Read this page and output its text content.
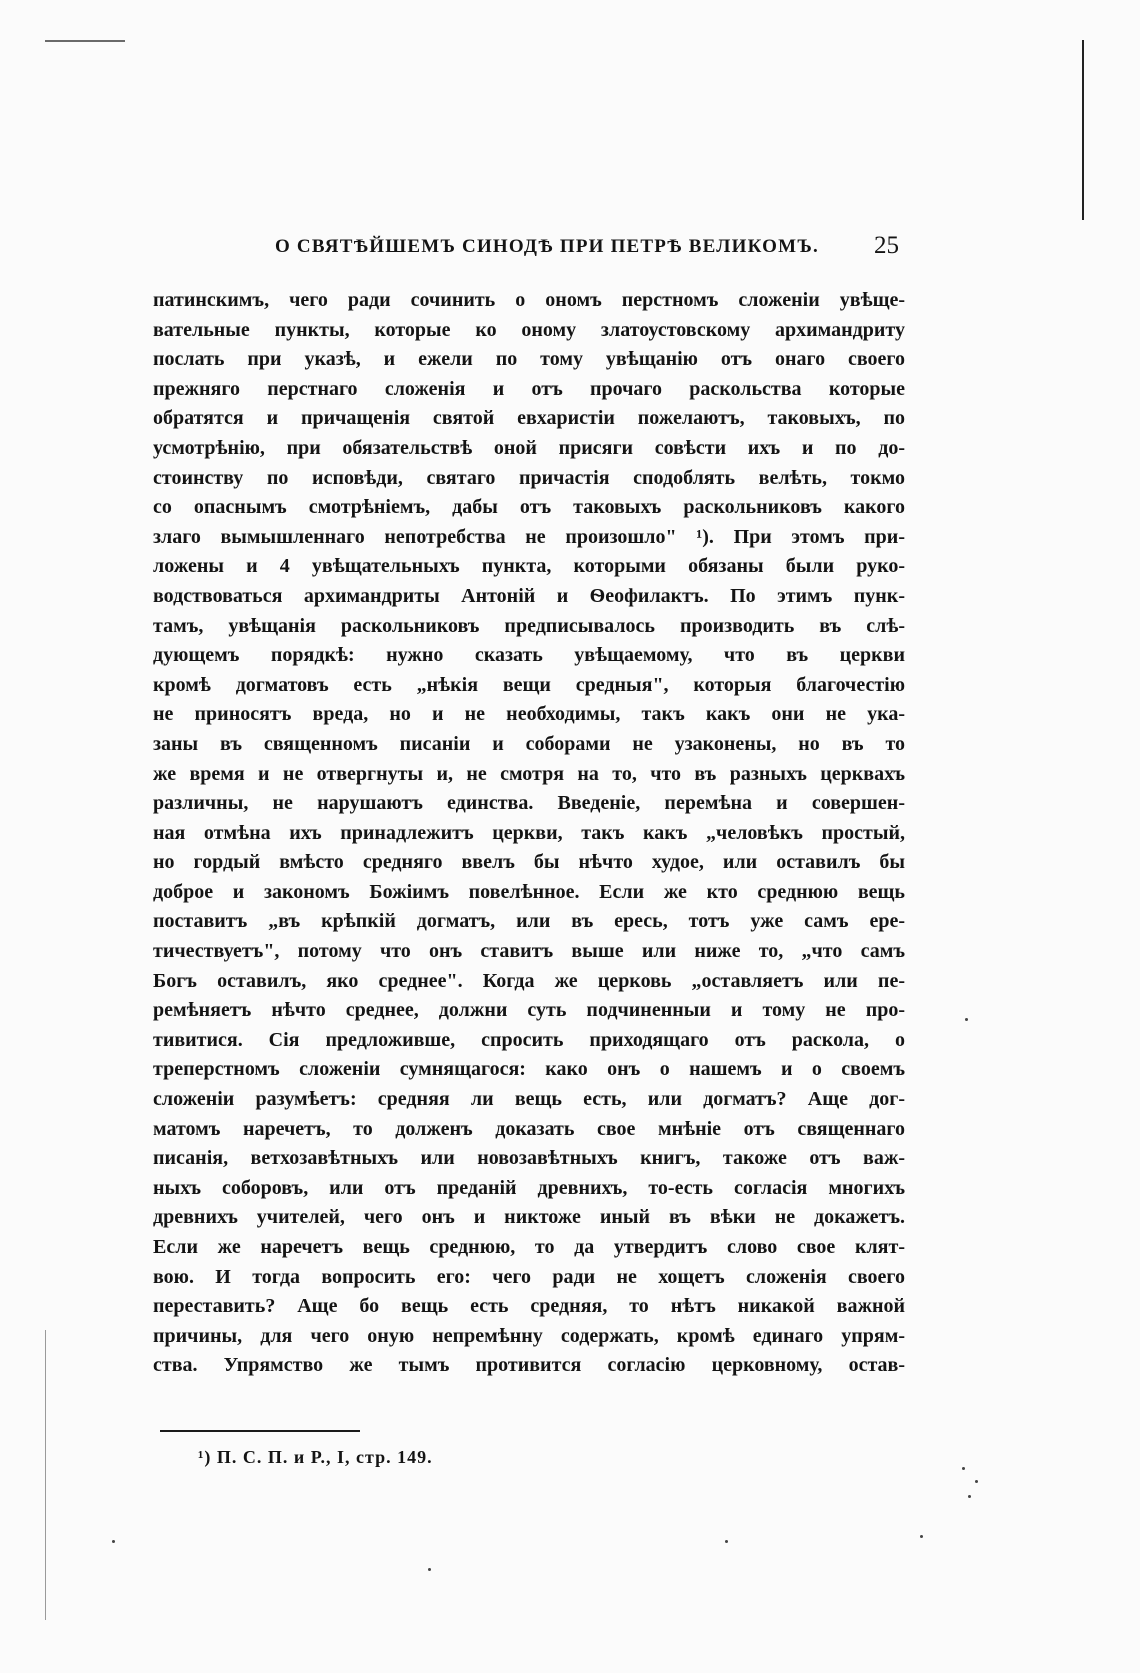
О СВЯТѢЙШЕМЪ СИНОДѢ ПРИ ПЕТРѢ ВЕЛИКОМЪ. 25
патинскимъ, чего ради сочинить о ономъ перстномъ сложеніи увѣще-
вательные пункты, которые ко оному златоустовскому архимандриту
послать при указѣ, и ежели по тому увѣщанію отъ онаго своего
прежняго перстнаго сложенія и отъ прочаго раскольства которые
обратятся и причащенія святой евхаристіи пожелаютъ, таковыхъ, по
усмотрѣнію, при обязательствѣ оной присяги совѣсти ихъ и по до-
стоинству по исповѣди, святаго причастія сподоблять велѣть, токмо
со опаснымъ смотрѣніемъ, дабы отъ таковыхъ раскольниковъ какого
злаго вымышленнаго непотребства не произошло" ¹). При этомъ при-
ложены и 4 увѣщательныхъ пункта, которыми обязаны были руко-
водствоваться архимандриты Антоній и Ѳеофилактъ. По этимъ пунк-
тамъ, увѣщанія раскольниковъ предписывалось производить въ слѣ-
дующемъ порядкѣ: нужно сказать увѣщаемому, что въ церкви
кромѣ догматовъ есть „нѣкія вещи средныя", которыя благочестію
не приносятъ вреда, но и не необходимы, такъ какъ они не ука-
заны въ священномъ писаніи и соборами не узаконены, но въ то
же время и не отвергнуты и, не смотря на то, что въ разныхъ церквахъ
различны, не нарушаютъ единства. Введеніе, перемѣна и совершен-
ная отмѣна ихъ принадлежитъ церкви, такъ какъ „человѣкъ простый,
но гордый вмѣсто средняго ввелъ бы нѣчто худое, или оставилъ бы
доброе и закономъ Божіимъ повелѣнное. Если же кто среднюю вещь
поставитъ „въ крѣпкій догматъ, или въ ересь, тотъ уже самъ ере-
тичествуетъ", потому что онъ ставитъ выше или ниже то, „что самъ
Богъ оставилъ, яко среднее". Когда же церковь „оставляетъ или пе-
ремѣняетъ нѣчто среднее, должни суть подчиненныи и тому не про-
тивитися. Сія предложивше, спросить приходящаго отъ раскола, о
треперстномъ сложеніи сумнящагося: како онъ о нашемъ и о своемъ
сложеніи разумѣетъ: средняя ли вещь есть, или догматъ? Аще дог-
матомъ наречетъ, то долженъ доказать свое мнѣніе отъ священнаго
писанія, ветхозавѣтныхъ или новозавѣтныхъ книгъ, такоже отъ важ-
ныхъ соборовъ, или отъ преданій древнихъ, то-есть согласія многихъ
древнихъ учителей, чего онъ и никтоже иный въ вѣки не докажетъ.
Если же наречетъ вещь среднюю, то да утвердитъ слово свое клят-
вою. И тогда вопросить его: чего ради не хощетъ сложенія своего
переставить? Аще бо вещь есть средняя, то нѣтъ никакой важной
причины, для чего оную непремѣнну содержать, кромѣ единаго упрям-
ства. Упрямство же тымъ противится согласію церковному, остав-
¹) П. С. П. и Р., I, стр. 149.
